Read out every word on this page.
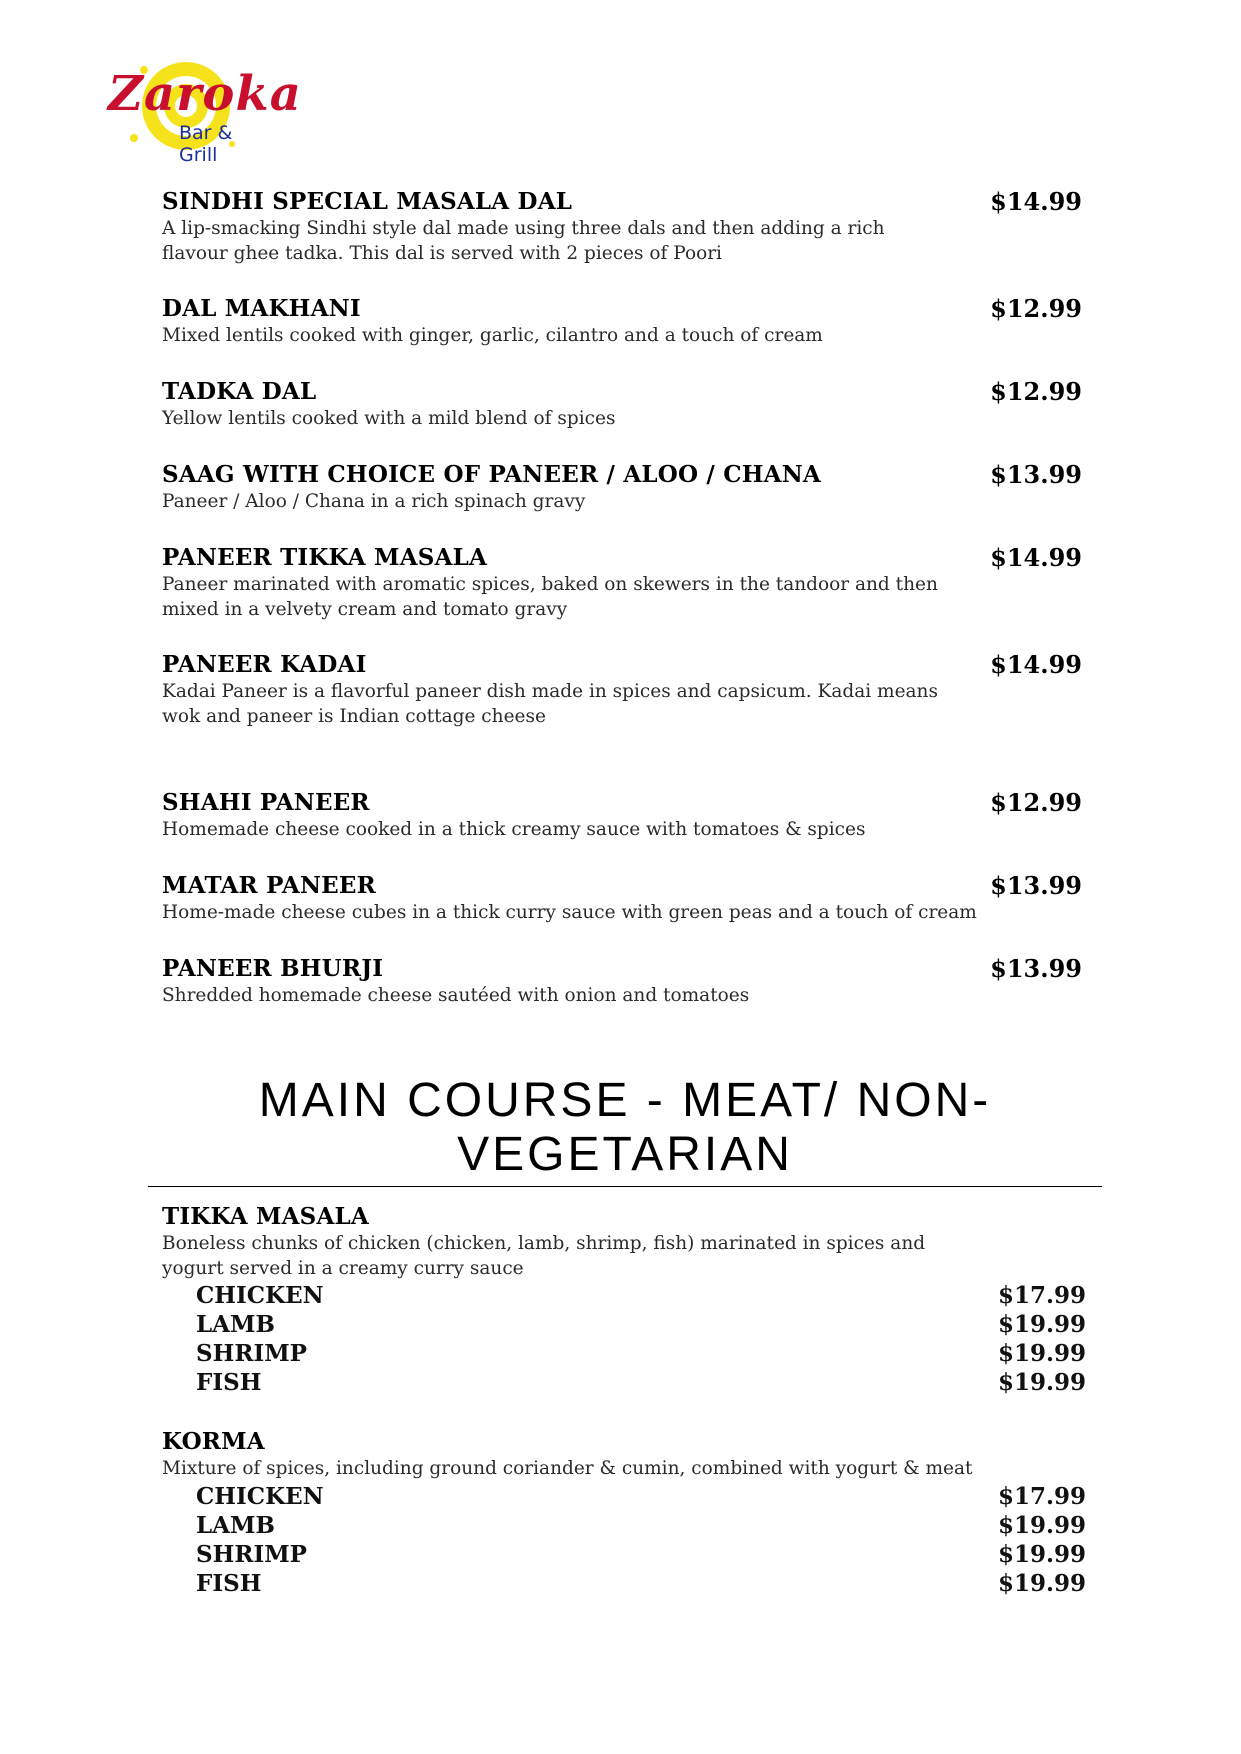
Zaroka
Bar & Grill
SINDHI SPECIAL MASALA DAL
A lip-smacking Sindhi style dal made using three dals and then adding a rich flavour ghee tadka. This dal is served with 2 pieces of Poori
$14.99
DAL MAKHANI
Mixed lentils cooked with ginger, garlic, cilantro and a touch of cream
$12.99
TADKA DAL
Yellow lentils cooked with a mild blend of spices
$12.99
SAAG WITH CHOICE OF PANEER / ALOO / CHANA
Paneer / Aloo / Chana in a rich spinach gravy
$13.99
PANEER TIKKA MASALA
Paneer marinated with aromatic spices, baked on skewers in the tandoor and then mixed in a velvety cream and tomato gravy
$14.99
PANEER KADAI
Kadai Paneer is a flavorful paneer dish made in spices and capsicum. Kadai means wok and paneer is Indian cottage cheese
$14.99
SHAHI PANEER
Homemade cheese cooked in a thick creamy sauce with tomatoes & spices
$12.99
MATAR PANEER
Home-made cheese cubes in a thick curry sauce with green peas and a touch of cream
$13.99
PANEER BHURJI
Shredded homemade cheese sautéed with onion and tomatoes
$13.99
MAIN COURSE - MEAT/ NON-VEGETARIAN
TIKKA MASALA
Boneless chunks of chicken (chicken, lamb, shrimp, fish) marinated in spices and yogurt served in a creamy curry sauce
CHICKEN	$17.99
LAMB	$19.99
SHRIMP	$19.99
FISH	$19.99
KORMA
Mixture of spices, including ground coriander & cumin, combined with yogurt & meat
CHICKEN	$17.99
LAMB	$19.99
SHRIMP	$19.99
FISH	$19.99
